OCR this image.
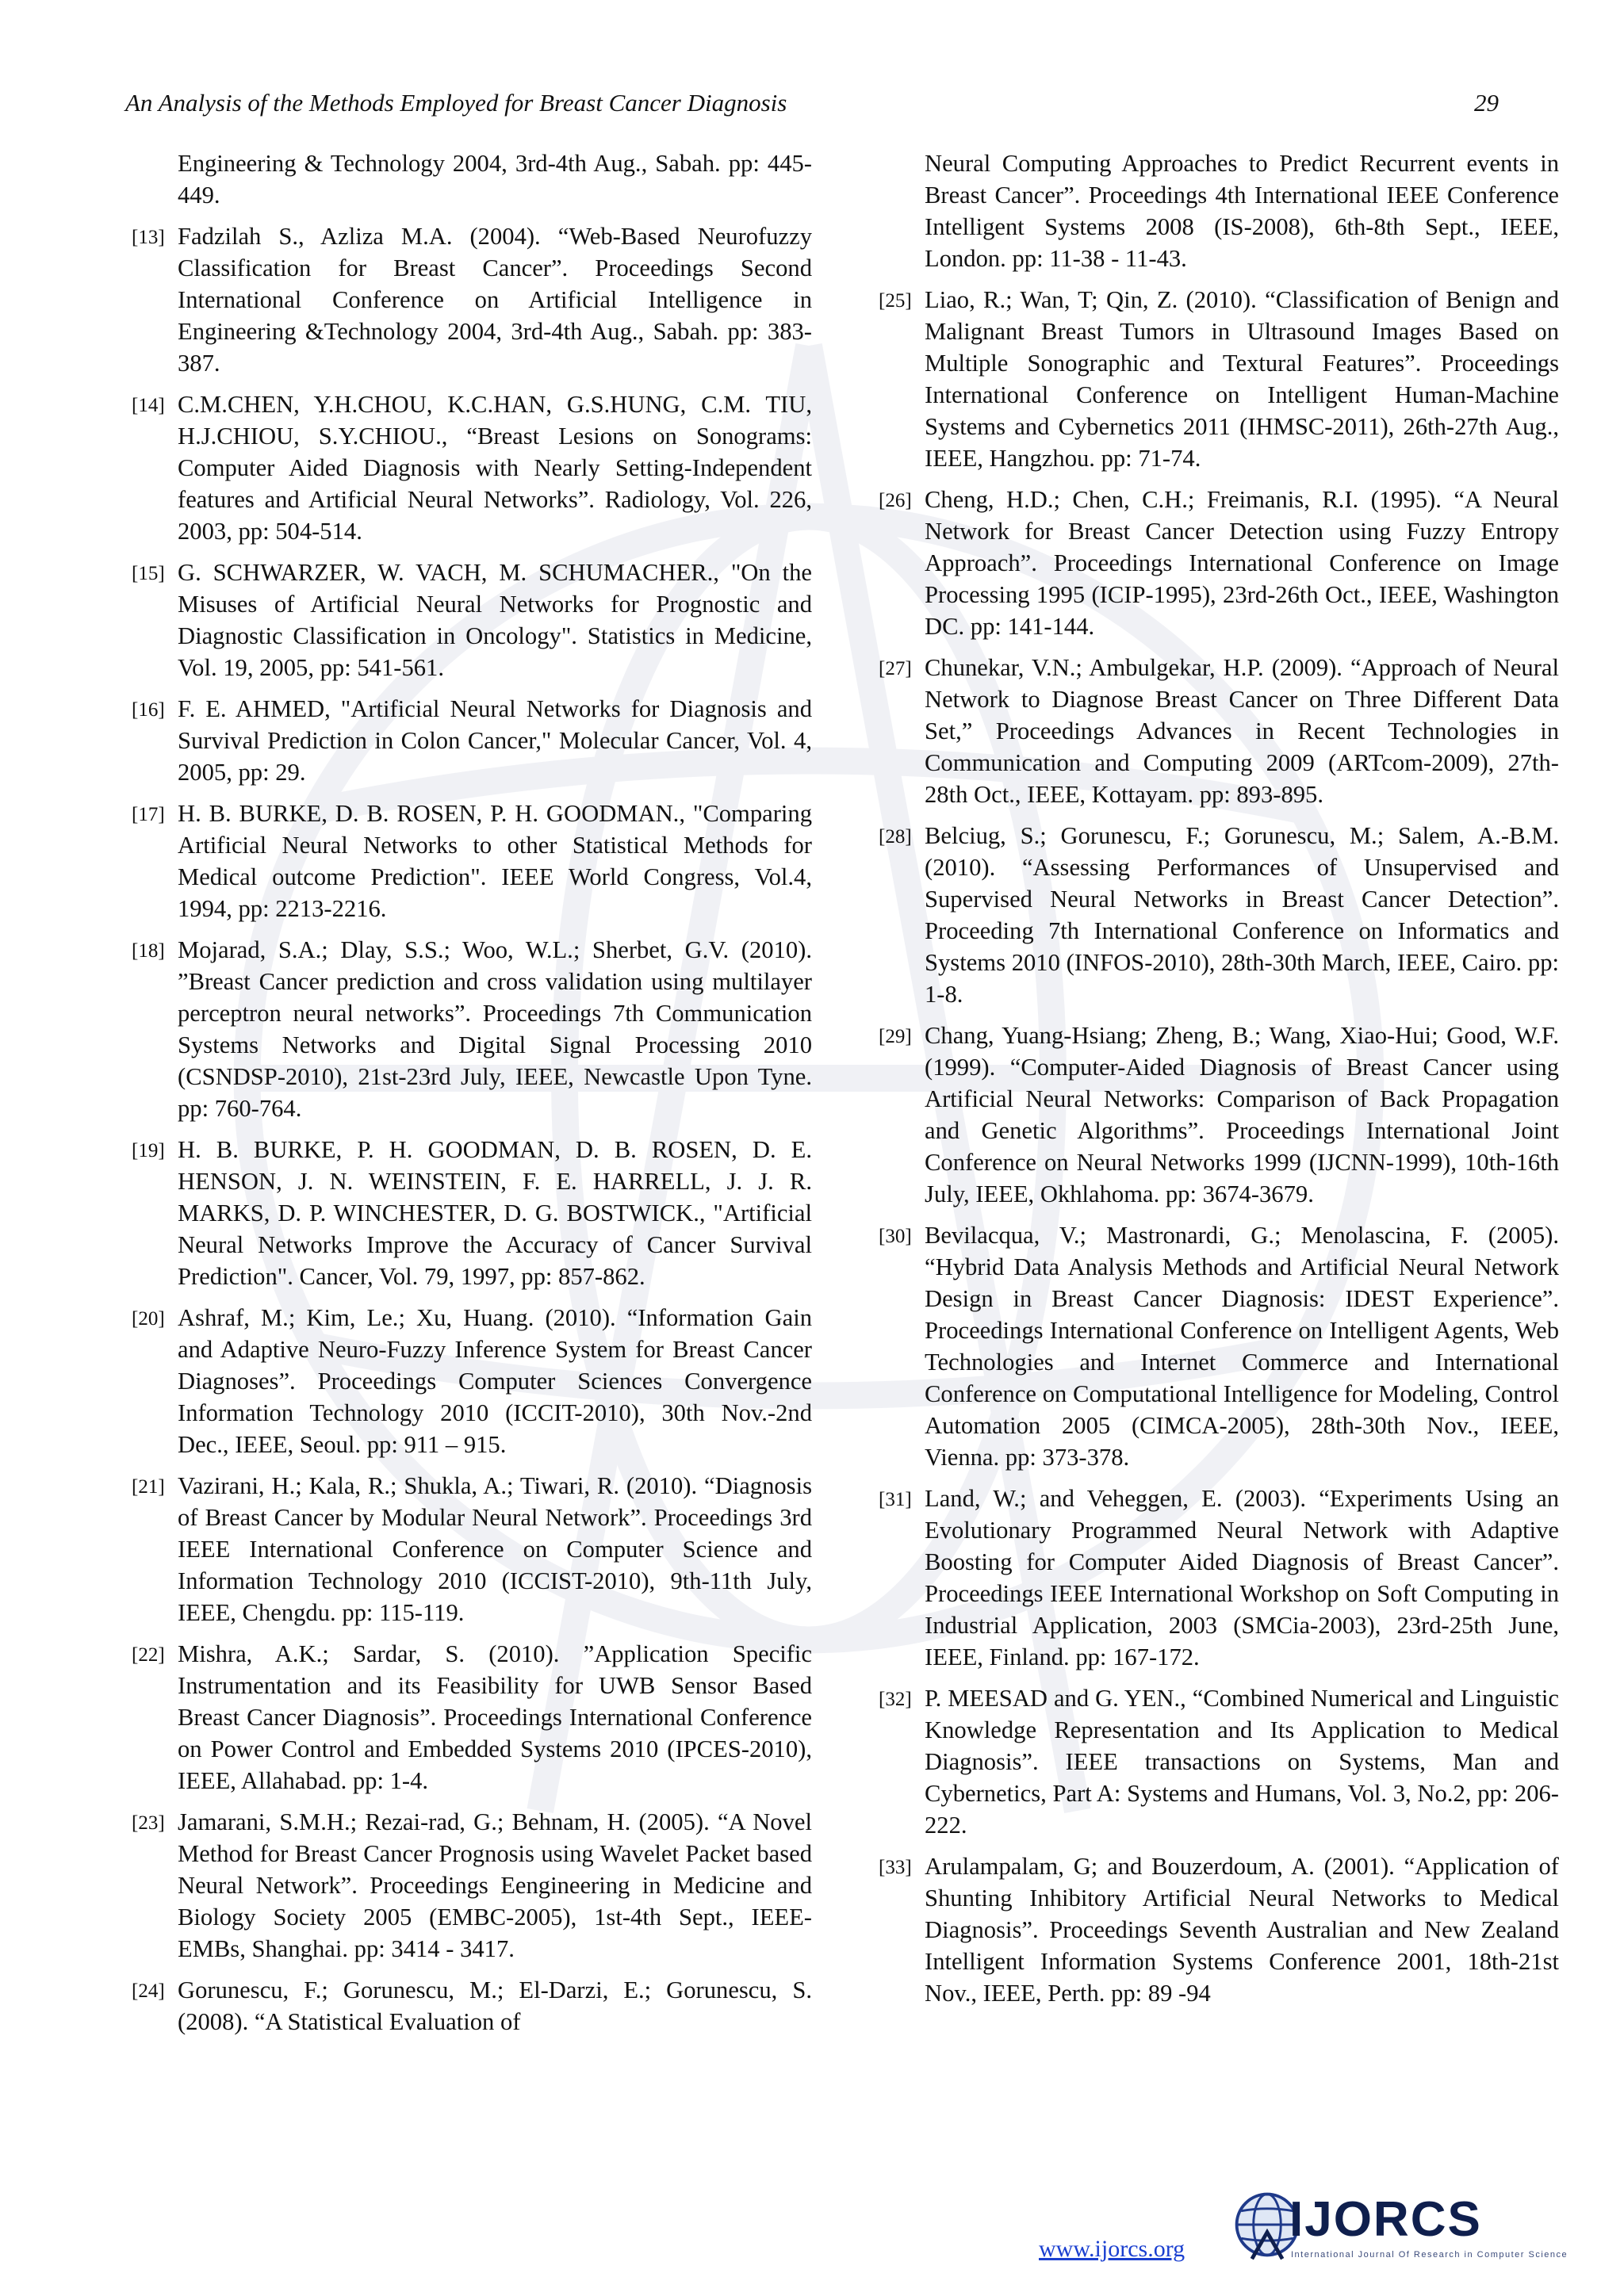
An Analysis of the Methods Employed for Breast Cancer Diagnosis	29
Engineering & Technology 2004, 3rd-4th Aug., Sabah. pp: 445- 449.
[13] Fadzilah S., Azliza M.A. (2004). “Web-Based Neurofuzzy Classification for Breast Cancer”. Proceedings Second International Conference on Artificial Intelligence in Engineering &Technology 2004, 3rd-4th Aug., Sabah. pp: 383-387.
[14] C.M.CHEN, Y.H.CHOU, K.C.HAN, G.S.HUNG, C.M. TIU, H.J.CHIOU, S.Y.CHIOU., “Breast Lesions on Sonograms: Computer Aided Diagnosis with Nearly Setting-Independent features and Artificial Neural Networks”. Radiology, Vol. 226, 2003, pp: 504-514.
[15] G. SCHWARZER, W. VACH, M. SCHUMACHER., "On the Misuses of Artificial Neural Networks for Prognostic and Diagnostic Classification in Oncology". Statistics in Medicine, Vol. 19, 2005, pp: 541-561.
[16] F. E. AHMED, "Artificial Neural Networks for Diagnosis and Survival Prediction in Colon Cancer," Molecular Cancer, Vol. 4, 2005, pp: 29.
[17] H. B. BURKE, D. B. ROSEN, P. H. GOODMAN., "Comparing Artificial Neural Networks to other Statistical Methods for Medical outcome Prediction". IEEE World Congress, Vol.4, 1994, pp: 2213-2216.
[18] Mojarad, S.A.; Dlay, S.S.; Woo, W.L.; Sherbet, G.V. (2010). ”Breast Cancer prediction and cross validation using multilayer perceptron neural networks”. Proceedings 7th Communication Systems Networks and Digital Signal Processing 2010 (CSNDSP-2010), 21st-23rd July, IEEE, Newcastle Upon Tyne. pp: 760-764.
[19] H. B. BURKE, P. H. GOODMAN, D. B. ROSEN, D. E. HENSON, J. N. WEINSTEIN, F. E. HARRELL, J. J. R. MARKS, D. P. WINCHESTER, D. G. BOSTWICK., "Artificial Neural Networks Improve the Accuracy of Cancer Survival Prediction". Cancer, Vol. 79, 1997, pp: 857-862.
[20] Ashraf, M.; Kim, Le.; Xu, Huang. (2010). “Information Gain and Adaptive Neuro-Fuzzy Inference System for Breast Cancer Diagnoses”. Proceedings Computer Sciences Convergence Information Technology 2010 (ICCIT-2010), 30th Nov.-2nd Dec., IEEE, Seoul. pp: 911 – 915.
[21] Vazirani, H.; Kala, R.; Shukla, A.; Tiwari, R. (2010). “Diagnosis of Breast Cancer by Modular Neural Network”. Proceedings 3rd IEEE International Conference on Computer Science and Information Technology 2010 (ICCIST-2010), 9th-11th July, IEEE, Chengdu. pp: 115-119.
[22] Mishra, A.K.; Sardar, S. (2010). ”Application Specific Instrumentation and its Feasibility for UWB Sensor Based Breast Cancer Diagnosis”. Proceedings International Conference on Power Control and Embedded Systems 2010 (IPCES-2010), IEEE, Allahabad. pp: 1-4.
[23] Jamarani, S.M.H.; Rezai-rad, G.; Behnam, H. (2005). “A Novel Method for Breast Cancer Prognosis using Wavelet Packet based Neural Network”. Proceedings Eengineering in Medicine and Biology Society 2005 (EMBC-2005), 1st-4th Sept., IEEE-EMBs, Shanghai. pp: 3414 - 3417.
[24] Gorunescu, F.; Gorunescu, M.; El-Darzi, E.; Gorunescu, S. (2008). “A Statistical Evaluation of
Neural Computing Approaches to Predict Recurrent events in Breast Cancer”. Proceedings 4th International IEEE Conference Intelligent Systems 2008 (IS-2008), 6th-8th Sept., IEEE, London. pp: 11-38 - 11-43.
[25] Liao, R.; Wan, T; Qin, Z. (2010). “Classification of Benign and Malignant Breast Tumors in Ultrasound Images Based on Multiple Sonographic and Textural Features”. Proceedings International Conference on Intelligent Human-Machine Systems and Cybernetics 2011 (IHMSC-2011), 26th-27th Aug., IEEE, Hangzhou. pp: 71-74.
[26] Cheng, H.D.; Chen, C.H.; Freimanis, R.I. (1995). “A Neural Network for Breast Cancer Detection using Fuzzy Entropy Approach”. Proceedings International Conference on Image Processing 1995 (ICIP-1995), 23rd-26th Oct., IEEE, Washington DC. pp: 141-144.
[27] Chunekar, V.N.; Ambulgekar, H.P. (2009). “Approach of Neural Network to Diagnose Breast Cancer on Three Different Data Set,” Proceedings Advances in Recent Technologies in Communication and Computing 2009 (ARTcom-2009), 27th-28th Oct., IEEE, Kottayam. pp: 893-895.
[28] Belciug, S.; Gorunescu, F.; Gorunescu, M.; Salem, A.-B.M. (2010). “Assessing Performances of Unsupervised and Supervised Neural Networks in Breast Cancer Detection”. Proceeding 7th International Conference on Informatics and Systems 2010 (INFOS-2010), 28th-30th March, IEEE, Cairo. pp: 1-8.
[29] Chang, Yuang-Hsiang; Zheng, B.; Wang, Xiao-Hui; Good, W.F. (1999). “Computer-Aided Diagnosis of Breast Cancer using Artificial Neural Networks: Comparison of Back Propagation and Genetic Algorithms”. Proceedings International Joint Conference on Neural Networks 1999 (IJCNN-1999), 10th-16th July, IEEE, Okhlahoma. pp: 3674-3679.
[30] Bevilacqua, V.; Mastronardi, G.; Menolascina, F. (2005). “Hybrid Data Analysis Methods and Artificial Neural Network Design in Breast Cancer Diagnosis: IDEST Experience”. Proceedings International Conference on Intelligent Agents, Web Technologies and Internet Commerce and International Conference on Computational Intelligence for Modeling, Control Automation 2005 (CIMCA-2005), 28th-30th Nov., IEEE, Vienna. pp: 373-378.
[31] Land, W.; and Veheggen, E. (2003). “Experiments Using an Evolutionary Programmed Neural Network with Adaptive Boosting for Computer Aided Diagnosis of Breast Cancer”. Proceedings IEEE International Workshop on Soft Computing in Industrial Application, 2003 (SMCia-2003), 23rd-25th June, IEEE, Finland. pp: 167-172.
[32] P. MEESAD and G. YEN., “Combined Numerical and Linguistic Knowledge Representation and Its Application to Medical Diagnosis”. IEEE transactions on Systems, Man and Cybernetics, Part A: Systems and Humans, Vol. 3, No.2, pp: 206-222.
[33] Arulampalam, G; and Bouzerdoum, A. (2001). “Application of Shunting Inhibitory Artificial Neural Networks to Medical Diagnosis”. Proceedings Seventh Australian and New Zealand Intelligent Information Systems Conference 2001, 18th-21st Nov., IEEE, Perth. pp: 89 -94
www.ijorcs.org
IJORCS
International Journal Of Research in Computer Science
